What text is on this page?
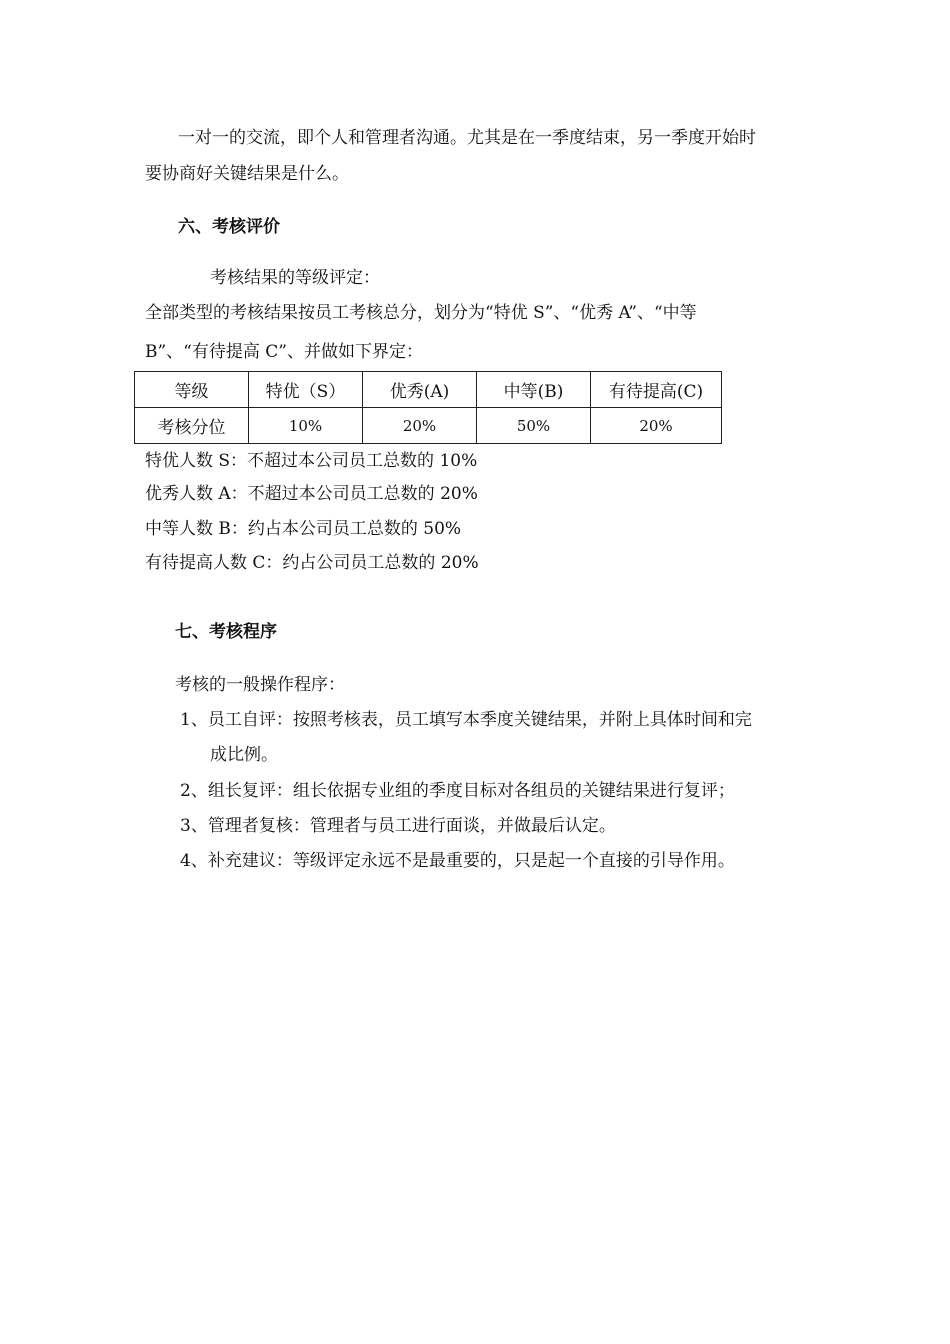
一对一的交流，即个人和管理者沟通。尤其是在一季度结束，另一季度开始时
要协商好关键结果是什么。
六、考核评价
考核结果的等级评定：
全部类型的考核结果按员工考核总分，划分为“特优 S”、“优秀 A”、“中等
B”、“有待提高 C”、并做如下界定：
等级	特优（S）	优秀(A)	中等(B)	有待提高(C)
考核分位	10%	20%	50%	20%
特优人数 S：不超过本公司员工总数的 10%
优秀人数 A：不超过本公司员工总数的 20%
中等人数 B：约占本公司员工总数的 50%
有待提高人数 C：约占公司员工总数的 20%
七、考核程序
考核的一般操作程序：
1、员工自评：按照考核表，员工填写本季度关键结果，并附上具体时间和完
成比例。
2、组长复评：组长依据专业组的季度目标对各组员的关键结果进行复评；
3、管理者复核：管理者与员工进行面谈，并做最后认定。
4、补充建议：等级评定永远不是最重要的，只是起一个直接的引导作用。
